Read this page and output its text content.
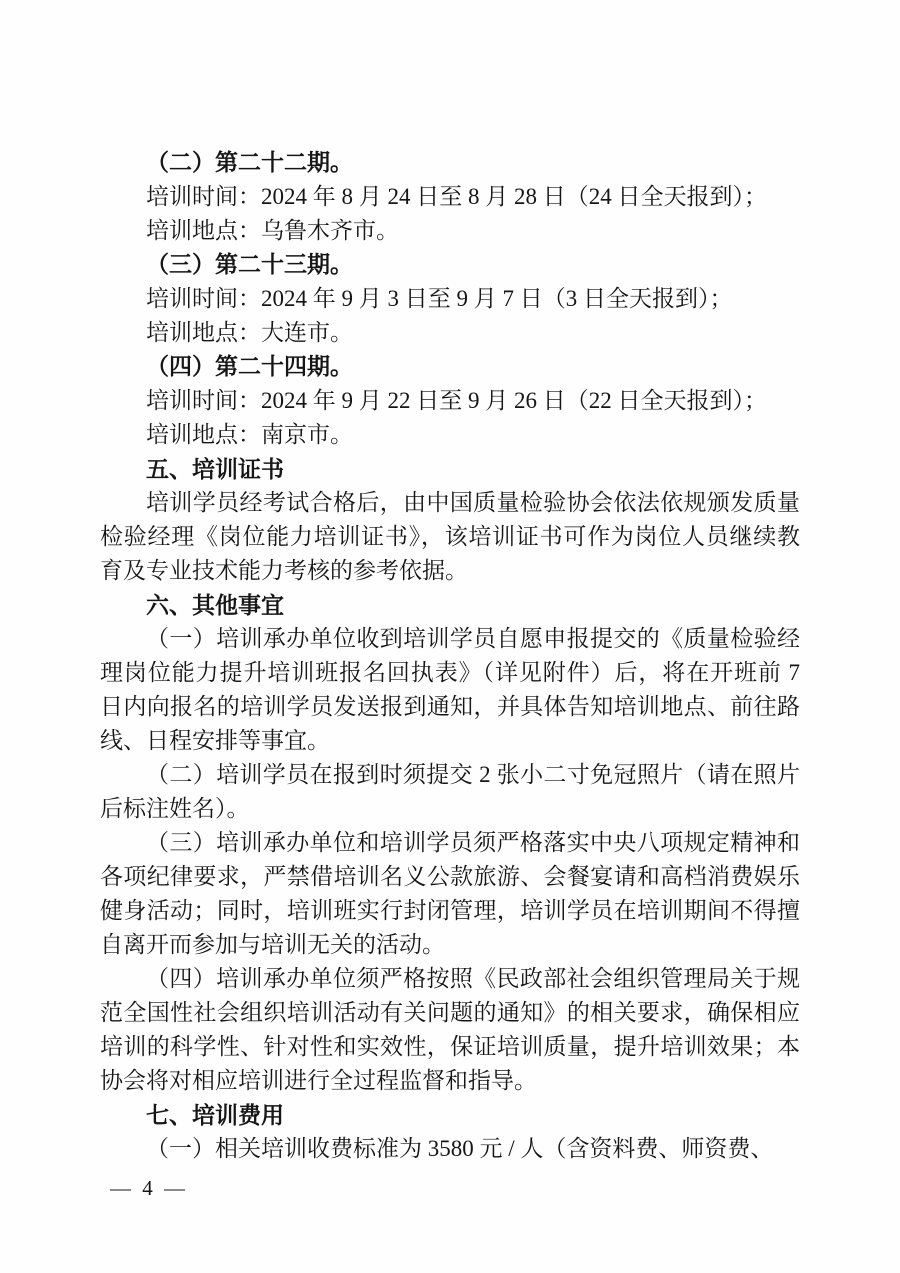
（二）第二十二期。

培训时间：2024 年 8 月 24 日至 8 月 28 日（24 日全天报到）；

培训地点：乌鲁木齐市。

（三）第二十三期。

培训时间：2024 年 9 月 3 日至 9 月 7 日（3 日全天报到）；

培训地点：大连市。

（四）第二十四期。

培训时间：2024 年 9 月 22 日至 9 月 26 日（22 日全天报到）；

培训地点：南京市。

五、培训证书

培训学员经考试合格后，由中国质量检验协会依法依规颁发质量检验经理《岗位能力培训证书》，该培训证书可作为岗位人员继续教育及专业技术能力考核的参考依据。

六、其他事宜

（一）培训承办单位收到培训学员自愿申报提交的《质量检验经理岗位能力提升培训班报名回执表》（详见附件）后，将在开班前 7 日内向报名的培训学员发送报到通知，并具体告知培训地点、前往路线、日程安排等事宜。

（二）培训学员在报到时须提交 2 张小二寸免冠照片（请在照片后标注姓名）。

（三）培训承办单位和培训学员须严格落实中央八项规定精神和各项纪律要求，严禁借培训名义公款旅游、会餐宴请和高档消费娱乐健身活动；同时，培训班实行封闭管理，培训学员在培训期间不得擅自离开而参加与培训无关的活动。

（四）培训承办单位须严格按照《民政部社会组织管理局关于规范全国性社会组织培训活动有关问题的通知》的相关要求，确保相应培训的科学性、针对性和实效性，保证培训质量，提升培训效果；本协会将对相应培训进行全过程监督和指导。

七、培训费用

（一）相关培训收费标准为 3580 元 / 人（含资料费、师资费、

— 4 —
